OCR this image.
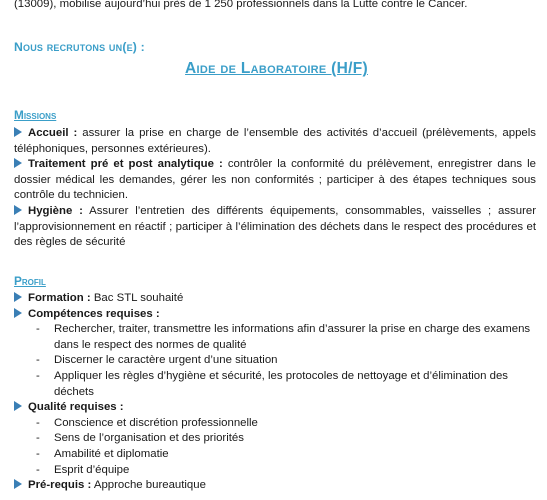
(13009), mobilise aujourd’hui près de 1 250 professionnels dans la Lutte contre le Cancer.
Nous recrutons un(e) :
Aide de Laboratoire (H/F)
Missions
Accueil : assurer la prise en charge de l’ensemble des activités d’accueil (prélèvements, appels téléphoniques, personnes extérieures).
Traitement pré et post analytique : contrôler la conformité du prélèvement, enregistrer dans le dossier médical les demandes, gérer les non conformités ; participer à des étapes techniques sous contrôle du technicien.
Hygiène : Assurer l’entretien des différents équipements, consommables, vaisselles ; assurer l’approvisionnement en réactif ; participer à l’élimination des déchets dans le respect des procédures et des règles de sécurité
Profil
Formation : Bac STL souhaité
Compétences requises :
- Rechercher, traiter, transmettre les informations afin d’assurer la prise en charge des examens dans le respect des normes de qualité
- Discerner le caractère urgent d’une situation
- Appliquer les règles d’hygiène et sécurité, les protocoles de nettoyage et d’élimination des déchets
Qualité requises :
- Conscience et discrétion professionnelle
- Sens de l’organisation et des priorités
- Amabilité et diplomatie
- Esprit d’équipe
Pré-requis : Approche bureautique
